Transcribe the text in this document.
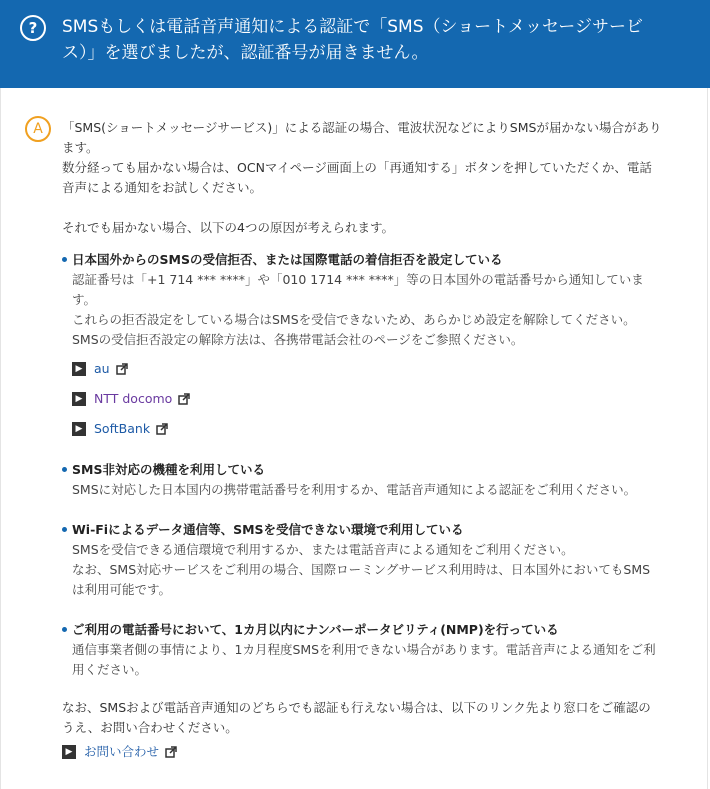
?	SMSもしくは電話音声通知による認証で「SMS（ショートメッセージサービス）」を選びましたが、認証番号が届きません。
A	「SMS(ショートメッセージサービス)」による認証の場合、電波状況などによりSMSが届かない場合があります。

数分経っても届かない場合は、OCNマイページ画面上の「再通知する」ボタンを押していただくか、電話音声による通知をお試しください。

それでも届かない場合、以下の4つの原因が考えられます。

日本国外からのSMSの受信拒否、または国際電話の着信拒否を設定している
認証番号は「+1 714 *** ****」や「010 1714 *** ****」等の日本国外の電話番号から通知しています。
これらの拒否設定をしている場合はSMSを受信できないため、あらかじめ設定を解除してください。
SMSの受信拒否設定の解除方法は、各携帯電話会社のページをご参照ください。
▶ au
▶ NTT docomo
▶ SoftBank
SMS非対応の機種を利用している
SMSに対応した日本国内の携帯電話番号を利用するか、電話音声通知による認証をご利用ください。
Wi-Fiによるデータ通信等、SMSを受信できない環境で利用している
SMSを受信できる通信環境で利用するか、または電話音声による通知をご利用ください。
なお、SMS対応サービスをご利用の場合、国際ローミングサービス利用時は、日本国外においてもSMSは利用可能です。
ご利用の電話番号において、1カ月以内にナンバーポータビリティ(NMP)を行っている
通信事業者側の事情により、1カ月程度SMSを利用できない場合があります。電話音声による通知をご利用ください。

なお、SMSおよび電話音声通知のどちらでも認証も行えない場合は、以下のリンク先より窓口をご確認のうえ、お問い合わせください。

▶ お問い合わせ
